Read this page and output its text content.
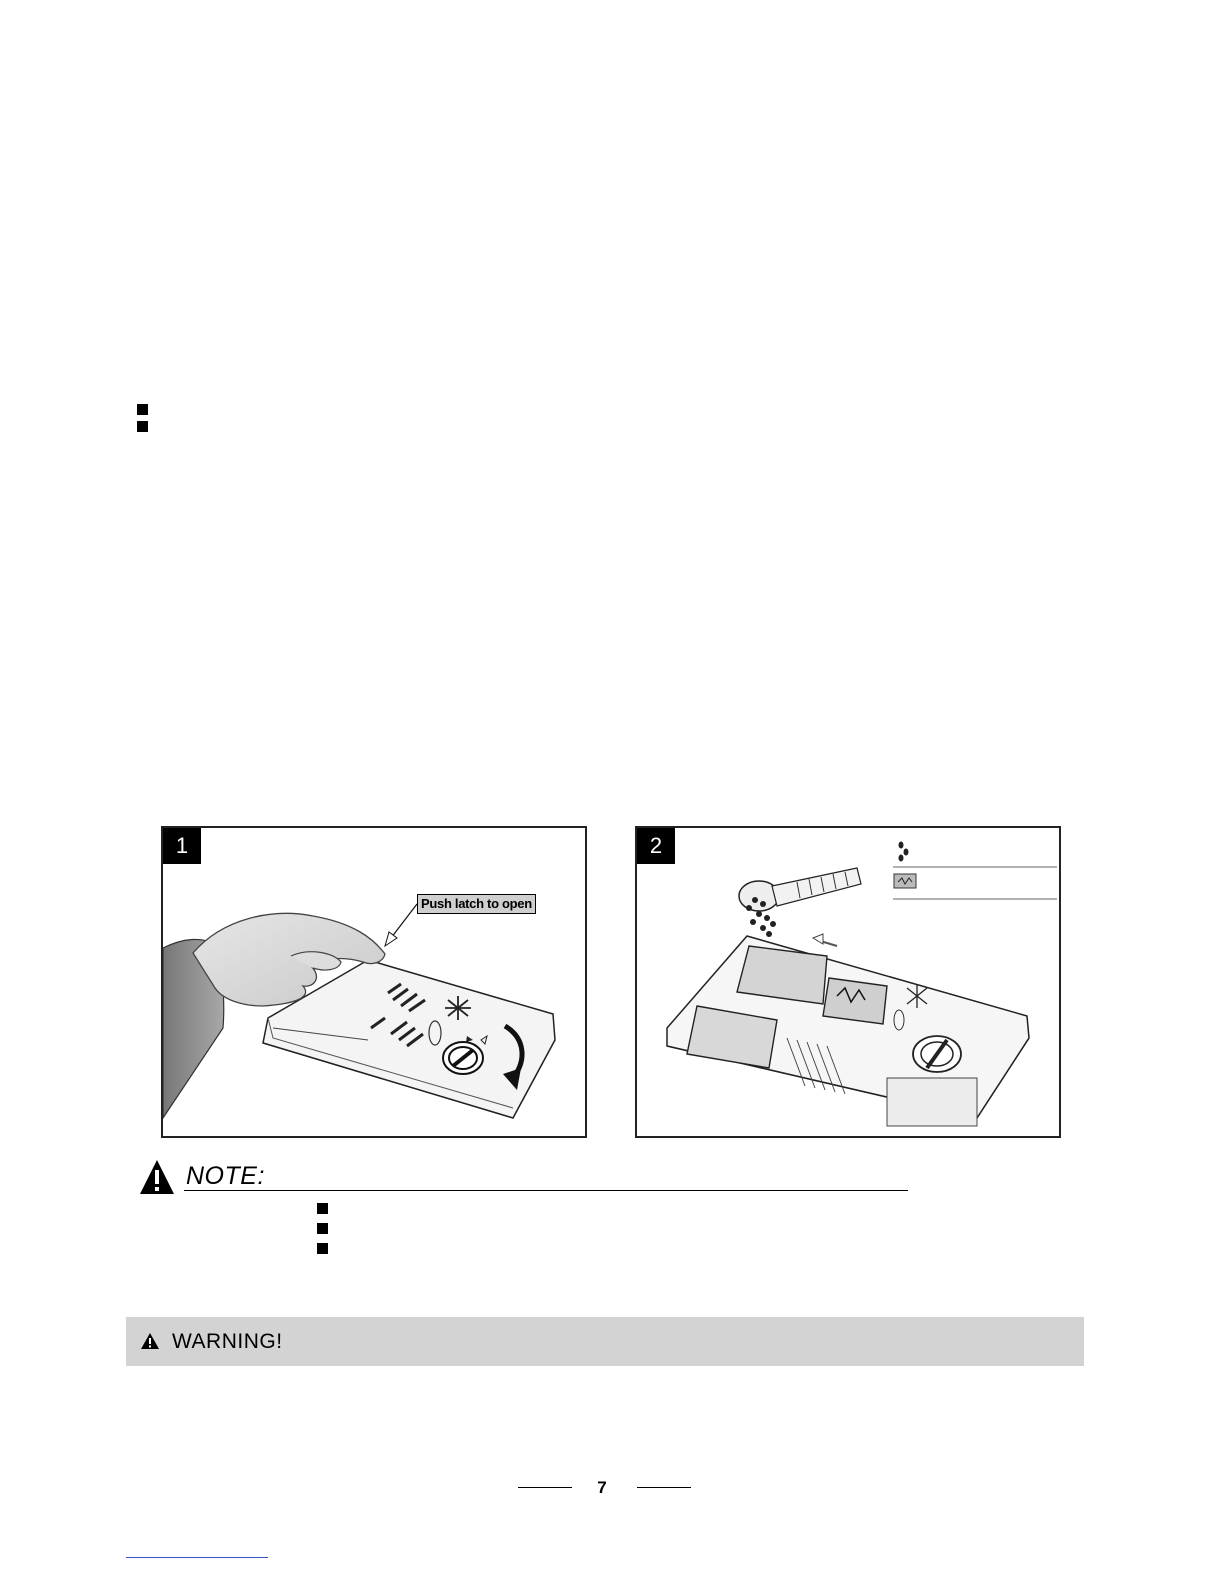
1
Push latch to open
2
NOTE:
WARNING!
7
